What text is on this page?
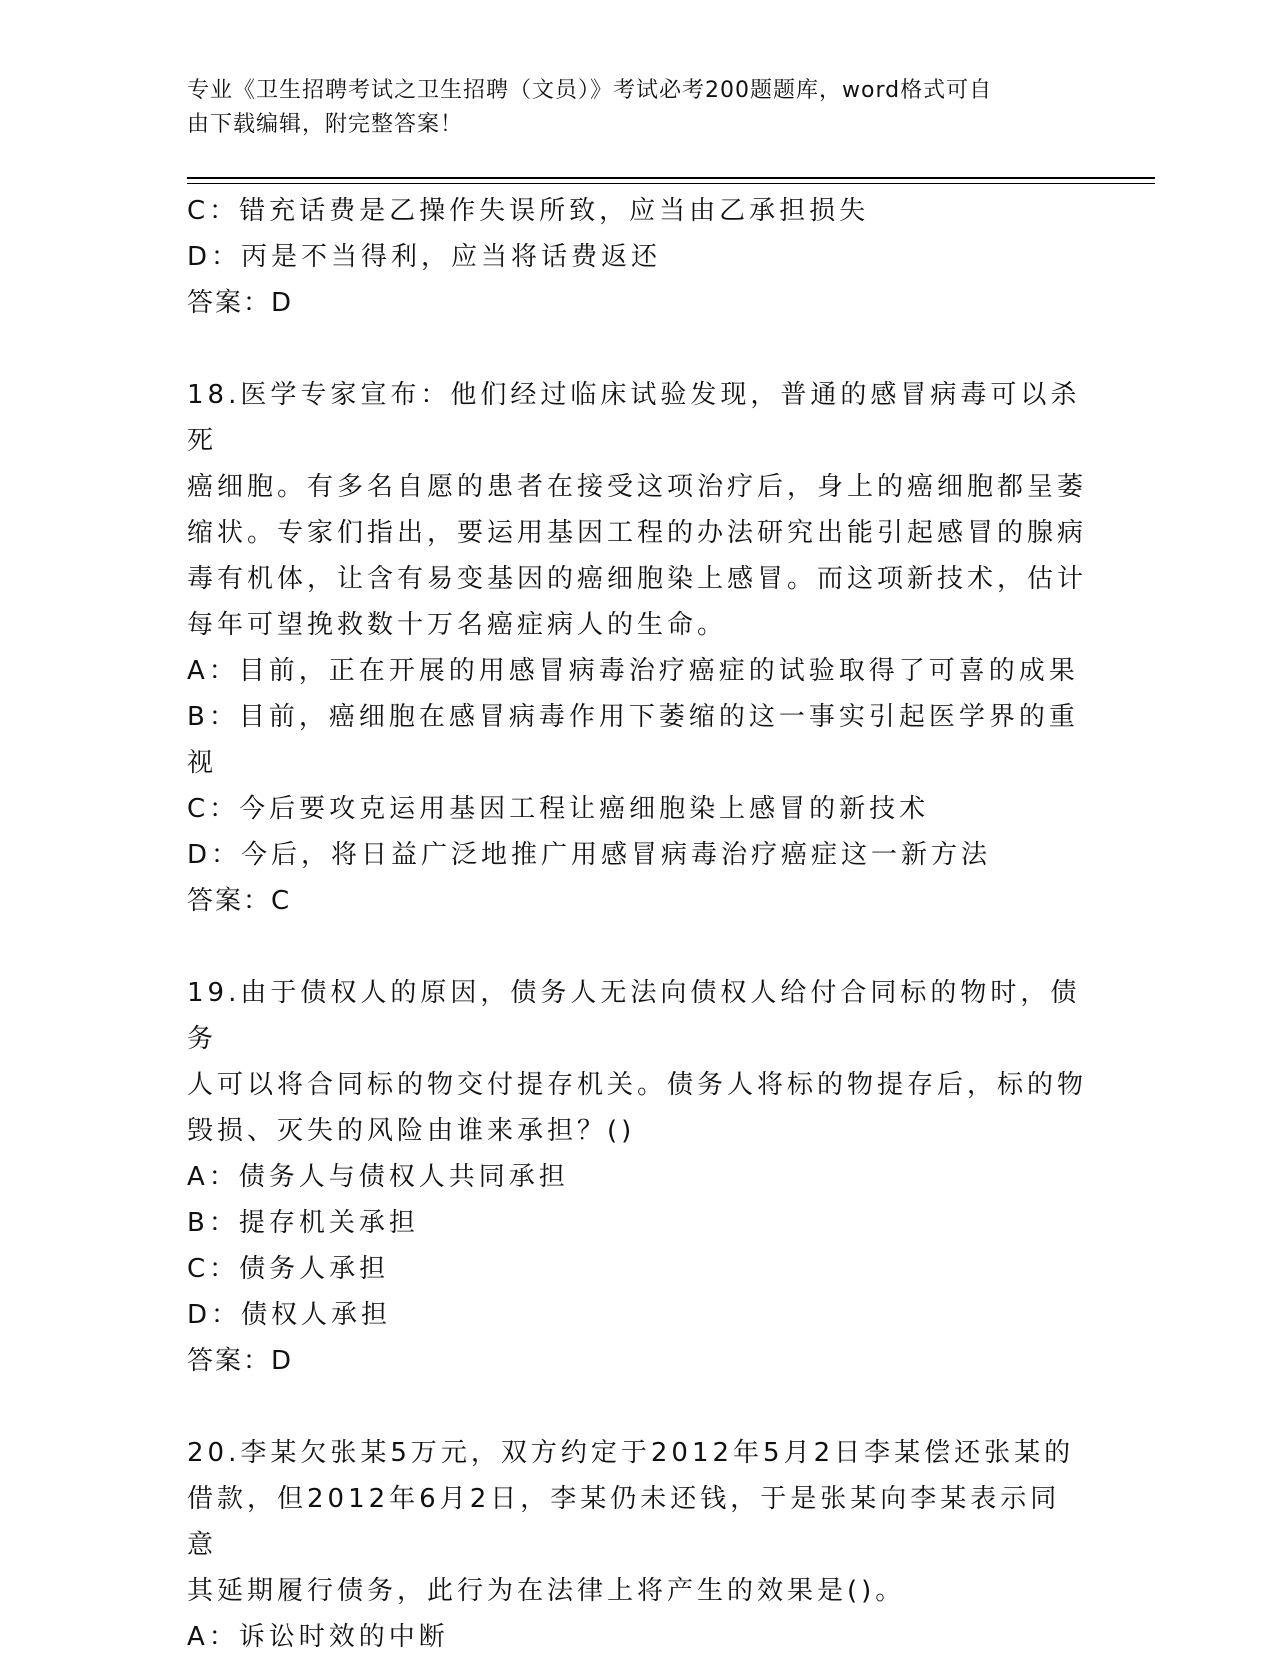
专业《卫生招聘考试之卫生招聘（文员）》考试必考200题题库，word格式可自
由下载编辑，附完整答案！
C：错充话费是乙操作失误所致，应当由乙承担损失
D：丙是不当得利，应当将话费返还
答案：D
18.医学专家宣布：他们经过临床试验发现，普通的感冒病毒可以杀死
癌细胞。有多名自愿的患者在接受这项治疗后，身上的癌细胞都呈萎
缩状。专家们指出，要运用基因工程的办法研究出能引起感冒的腺病
毒有机体，让含有易变基因的癌细胞染上感冒。而这项新技术，估计
每年可望挽救数十万名癌症病人的生命。
A：目前，正在开展的用感冒病毒治疗癌症的试验取得了可喜的成果
B：目前，癌细胞在感冒病毒作用下萎缩的这一事实引起医学界的重视
C：今后要攻克运用基因工程让癌细胞染上感冒的新技术
D：今后，将日益广泛地推广用感冒病毒治疗癌症这一新方法
答案：C
19.由于债权人的原因，债务人无法向债权人给付合同标的物时，债务
人可以将合同标的物交付提存机关。债务人将标的物提存后，标的物
毁损、灭失的风险由谁来承担？()
A：债务人与债权人共同承担
B：提存机关承担
C：债务人承担
D：债权人承担
答案：D
20.李某欠张某5万元，双方约定于2012年5月2日李某偿还张某的
借款，但2012年6月2日，李某仍未还钱，于是张某向李某表示同意
其延期履行债务，此行为在法律上将产生的效果是()。
A：诉讼时效的中断
